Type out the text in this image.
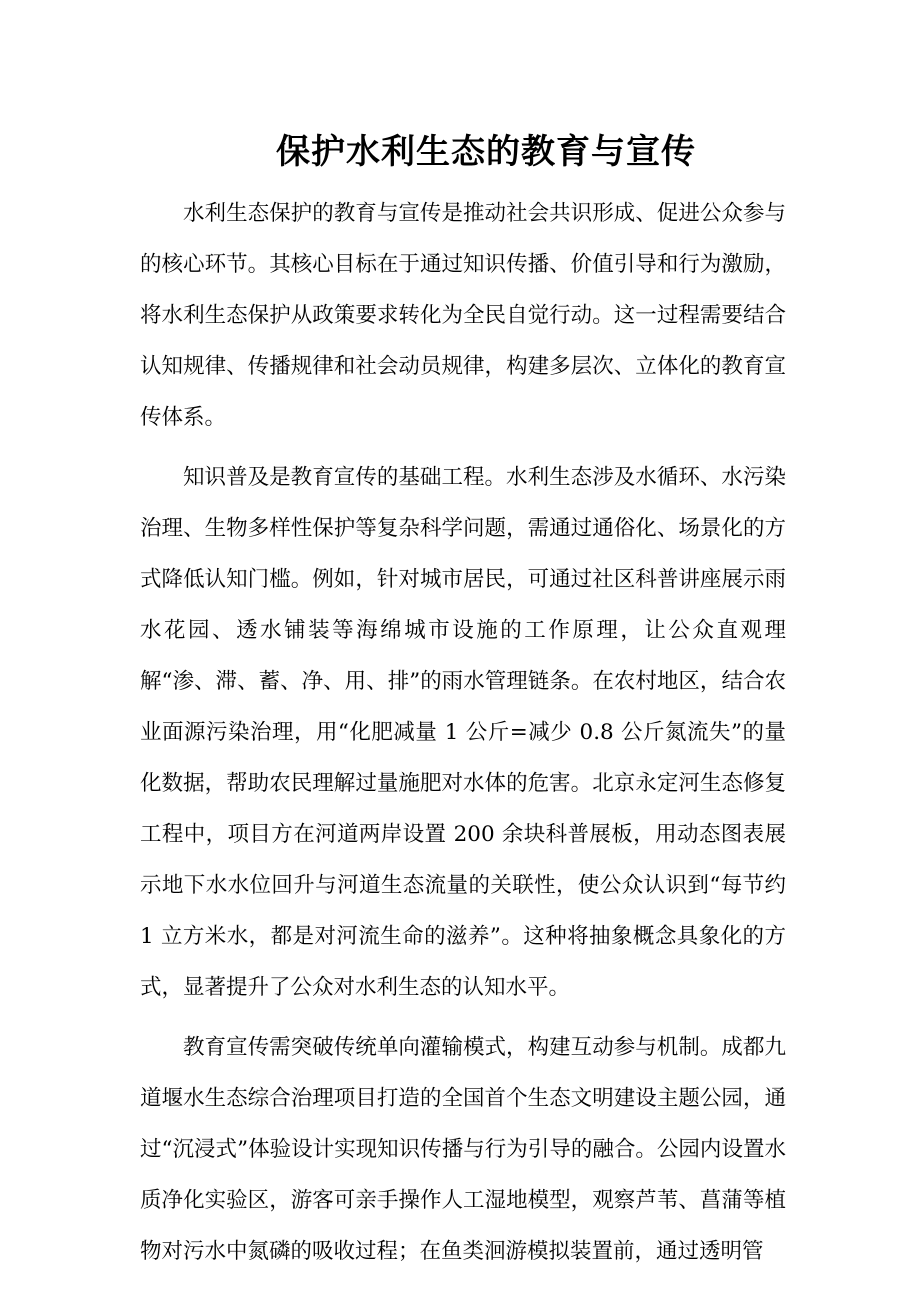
保护水利生态的教育与宣传

水利生态保护的教育与宣传是推动社会共识形成、促进公众参与的核心环节。其核心目标在于通过知识传播、价值引导和行为激励，将水利生态保护从政策要求转化为全民自觉行动。这一过程需要结合认知规律、传播规律和社会动员规律，构建多层次、立体化的教育宣传体系。

知识普及是教育宣传的基础工程。水利生态涉及水循环、水污染治理、生物多样性保护等复杂科学问题，需通过通俗化、场景化的方式降低认知门槛。例如，针对城市居民，可通过社区科普讲座展示雨水花园、透水铺装等海绵城市设施的工作原理，让公众直观理解“渗、滞、蓄、净、用、排”的雨水管理链条。在农村地区，结合农业面源污染治理，用“化肥减量 1 公斤=减少 0.8 公斤氮流失”的量化数据，帮助农民理解过量施肥对水体的危害。北京永定河生态修复工程中，项目方在河道两岸设置 200 余块科普展板，用动态图表展示地下水水位回升与河道生态流量的关联性，使公众认识到“每节约 1 立方米水，都是对河流生命的滋养”。这种将抽象概念具象化的方式，显著提升了公众对水利生态的认知水平。

教育宣传需突破传统单向灌输模式，构建互动参与机制。成都九道堰水生态综合治理项目打造的全国首个生态文明建设主题公园，通过“沉浸式”体验设计实现知识传播与行为引导的融合。公园内设置水质净化实验区，游客可亲手操作人工湿地模型，观察芦苇、菖蒲等植物对污水中氮磷的吸收过程；在鱼类洄游模拟装置前，通过透明管
